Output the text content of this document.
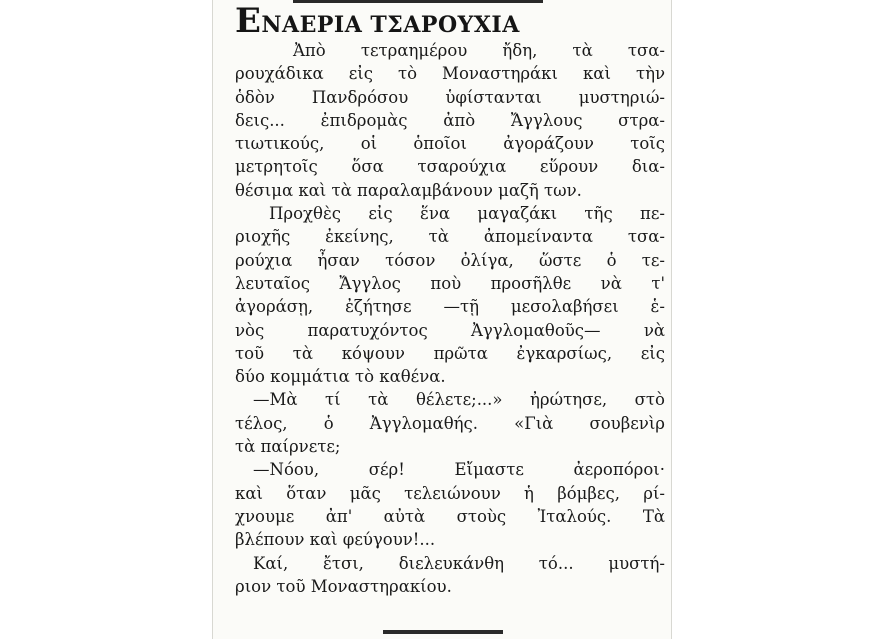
ΕΝΑΕΡΙΑ ΤΣΑΡΟΥΧΙΑ
Ἀπὸ τετραημέρου ἤδη, τὰ τσα-
ρουχάδικα εἰς τὸ Μοναστηράκι καὶ τὴν
ὁδὸν Πανδρόσου ὑφίστανται μυστηριώ-
δεις... ἐπιδρομὰς ἀπὸ Ἄγγλους στρα-
τιωτικούς, οἱ ὁποῖοι ἀγοράζουν τοῖς
μετρητοῖς ὅσα τσαρούχια εὕρουν δια-
θέσιμα καὶ τὰ παραλαμβάνουν μαζῆ των.
Προχθὲς εἰς ἕνα μαγαζάκι τῆς πε-
ριοχῆς ἐκείνης, τὰ ἀπομείναντα τσα-
ρούχια ἦσαν τόσον ὀλίγα, ὥστε ὁ τε-
λευταῖος Ἄγγλος ποὺ προσῆλθε νὰ τ'
ἀγοράσῃ, ἐζήτησε —τῇ μεσολαβήσει ἑ-
νὸς παρατυχόντος Ἀγγλομαθοῦς— νὰ
τοῦ τὰ κόψουν πρῶτα ἐγκαρσίως, εἰς
δύο κομμάτια τὸ καθένα.
—Μὰ τί τὰ θέλετε;...» ἠρώτησε, στὸ
τέλος, ὁ Ἀγγλομαθής. «Γιὰ σουβενὶρ
τὰ παίρνετε;
—Νόου, σέρ! Εἴμαστε ἀεροπόροι·
καὶ ὅταν μᾶς τελειώνουν ἡ βόμβες, ρί-
χνουμε ἀπ' αὐτὰ στοὺς Ἰταλούς. Τὰ
βλέπουν καὶ φεύγουν!...
Καί, ἔτσι, διελευκάνθη τό... μυστή-
ριον τοῦ Μοναστηρακίου.
